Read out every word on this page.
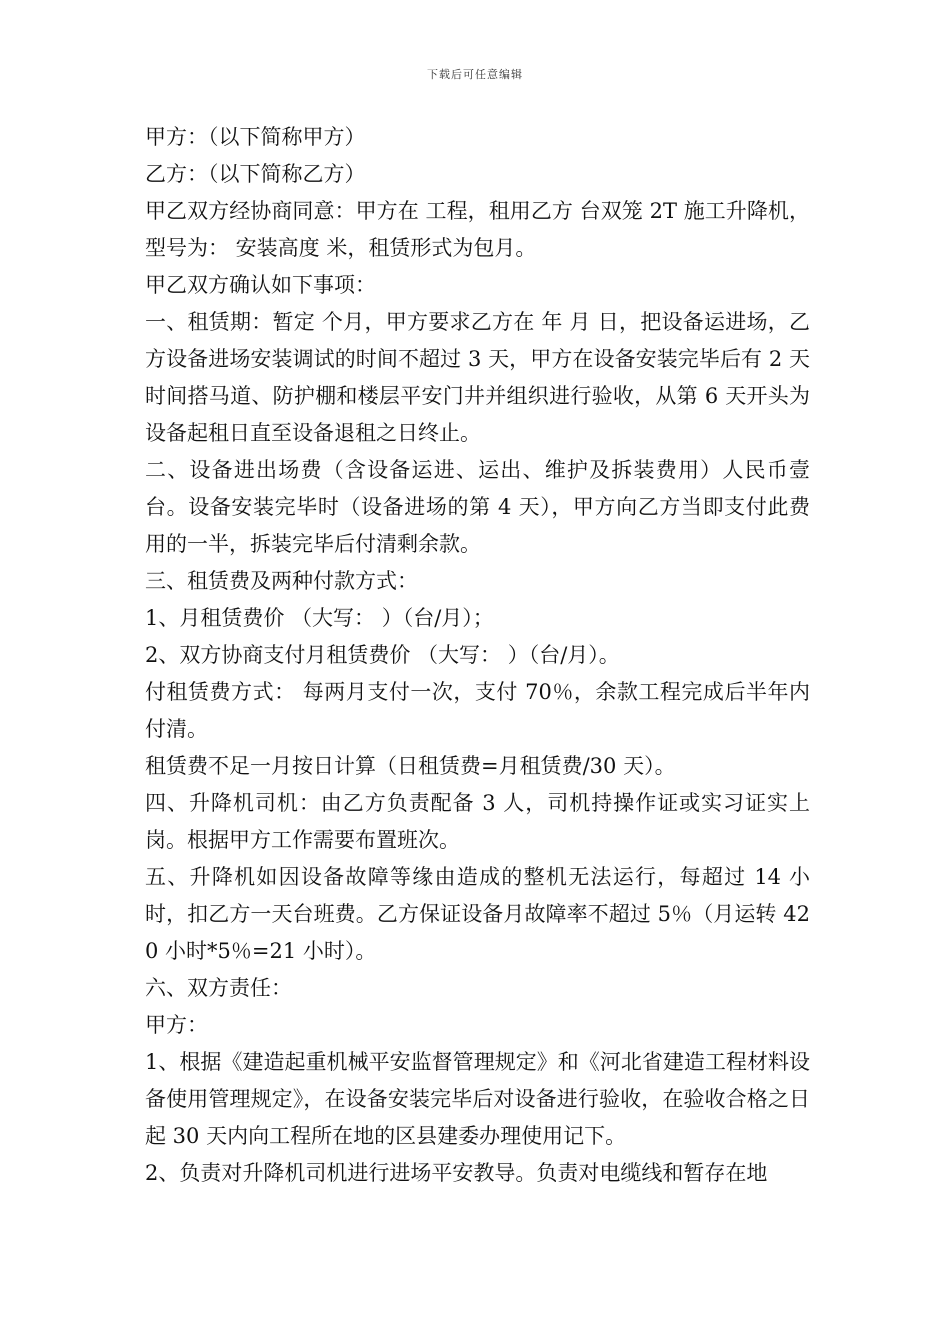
下载后可任意编辑

甲方：（以下简称甲方）

乙方：（以下简称乙方）

甲乙双方经协商同意：甲方在 工程，租用乙方 台双笼 2T 施工升降机，型号为： 安装高度 米，租赁形式为包月。

甲乙双方确认如下事项：

一、租赁期：暂定 个月，甲方要求乙方在 年 月 日，把设备运进场，乙方设备进场安装调试的时间不超过 3 天，甲方在设备安装完毕后有 2 天时间搭马道、防护棚和楼层平安门井并组织进行验收，从第 6 天开头为设备起租日直至设备退租之日终止。

二、设备进出场费（含设备运进、运出、维护及拆装费用）人民币壹台。设备安装完毕时（设备进场的第 4 天），甲方向乙方当即支付此费用的一半，拆装完毕后付清剩余款。

三、租赁费及两种付款方式：

1、月租赁费价 （大写： ）（台/月）；

2、双方协商支付月租赁费价 （大写： ）（台/月）。

付租赁费方式： 每两月支付一次，支付 70％，余款工程完成后半年内付清。

租赁费不足一月按日计算（日租赁费=月租赁费/30 天）。

四、升降机司机：由乙方负责配备 3 人，司机持操作证或实习证实上岗。根据甲方工作需要布置班次。

五、升降机如因设备故障等缘由造成的整机无法运行，每超过 14 小时，扣乙方一天台班费。乙方保证设备月故障率不超过 5％（月运转 420 小时*5％=21 小时）。

六、双方责任：

甲方：

1、根据《建造起重机械平安监督管理规定》和《河北省建造工程材料设备使用管理规定》，在设备安装完毕后对设备进行验收，在验收合格之日起 30 天内向工程所在地的区县建委办理使用记下。

2、负责对升降机司机进行进场平安教导。负责对电缆线和暂存在地
